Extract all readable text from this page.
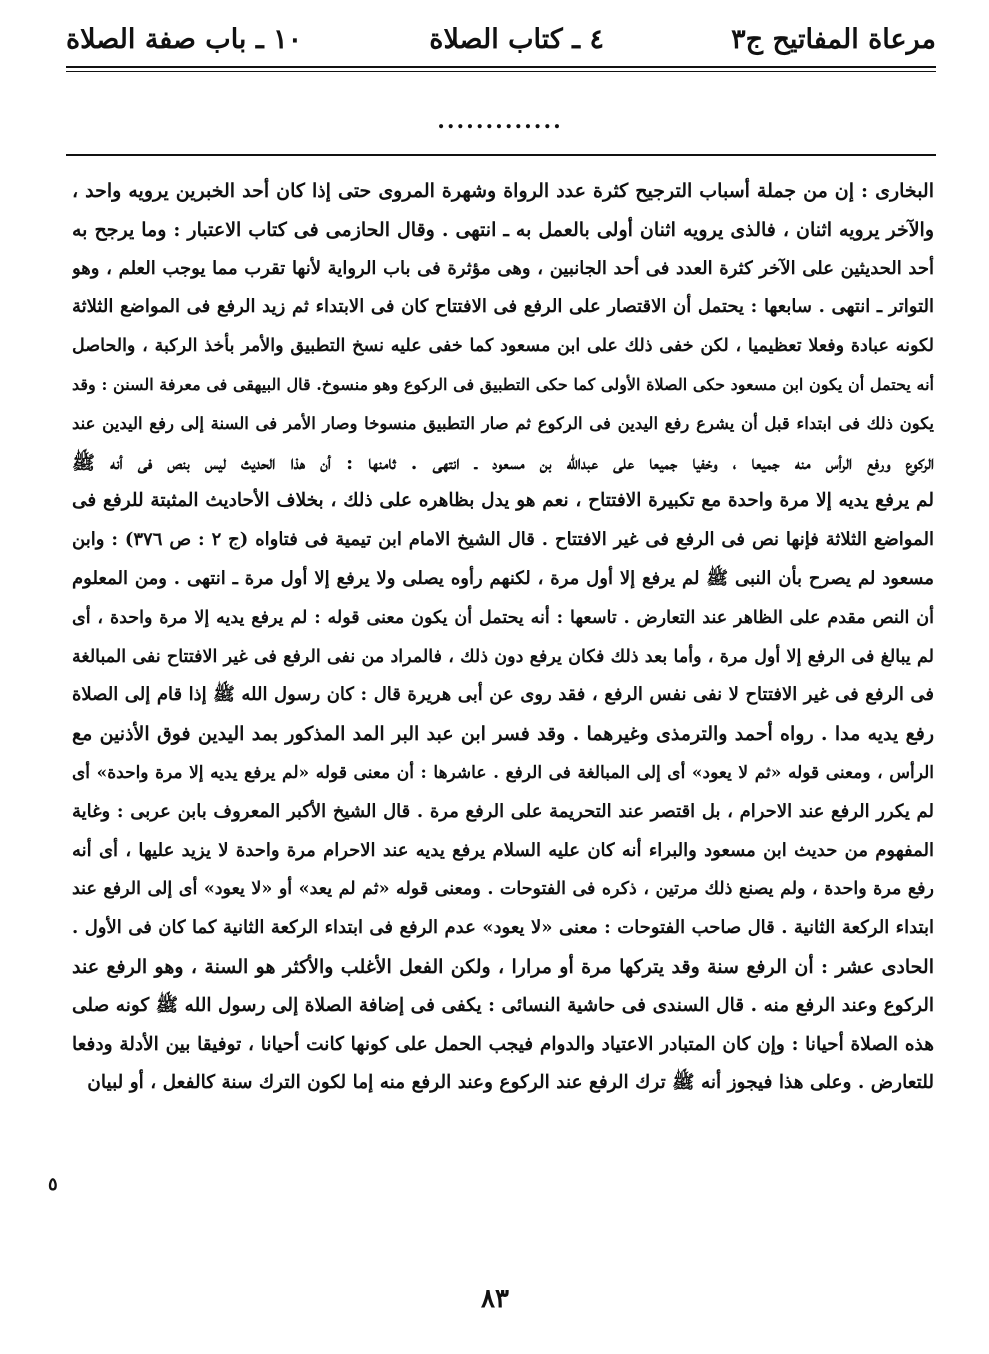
مرعاة المفاتيح ج٣
٤ ـ كتاب الصلاة
١٠ ـ باب صفة الصلاة
.............
البخارى : إن من جملة أسباب الترجيح كثرة عدد الرواة وشهرة المروى حتى إذا كان أحد الخبرين يرويه واحد ،
والآخر يرويه اثنان ، فالذى يرويه اثنان أولى بالعمل به ـ انتهى . وقال الحازمى فى كتاب الاعتبار : وما يرجح به
أحد الحديثين على الآخر كثرة العدد فى أحد الجانبين ، وهى مؤثرة فى باب الرواية لأنها تقرب مما يوجب العلم ، وهو
التواتر ـ انتهى . سابعها : يحتمل أن الاقتصار على الرفع فى الافتتاح كان فى الابتداء ثم زيد الرفع فى المواضع الثلاثة
لكونه عبادة وفعلا تعظيميا ، لكن خفى ذلك على ابن مسعود كما خفى عليه نسخ التطبيق والأمر بأخذ الركبة ، والحاصل
أنه يحتمل أن يكون ابن مسعود حكى الصلاة الأولى كما حكى التطبيق فى الركوع وهو منسوخ. قال البيهقى فى معرفة السنن : وقد
يكون ذلك فى ابتداء قبل أن يشرع رفع اليدين فى الركوع ثم صار التطبيق منسوخا وصار الأمر فى السنة إلى رفع اليدين عند
الركوع ورفع الرأس منه جميعا ، وخفيا جميعا على عبدالله بن مسعود ـ انتهى . ثامنها : أن هذا الحديث ليس بنص فى أنه ﷺ
لم يرفع يديه إلا مرة واحدة مع تكبيرة الافتتاح ، نعم هو يدل بظاهره على ذلك ، بخلاف الأحاديث المثبتة للرفع فى
المواضع الثلاثة فإنها نص فى الرفع فى غير الافتتاح . قال الشيخ الامام ابن تيمية فى فتاواه (ج ٢ : ص ٣٧٦) : وابن
مسعود لم يصرح بأن النبى ﷺ لم يرفع إلا أول مرة ، لكنهم رأوه يصلى ولا يرفع إلا أول مرة ـ انتهى . ومن المعلوم
أن النص مقدم على الظاهر عند التعارض . تاسعها : أنه يحتمل أن يكون معنى قوله : لم يرفع يديه إلا مرة واحدة ، أى
لم يبالغ فى الرفع إلا أول مرة ، وأما بعد ذلك فكان يرفع دون ذلك ، فالمراد من نفى الرفع فى غير الافتتاح نفى المبالغة
فى الرفع فى غير الافتتاح لا نفى نفس الرفع ، فقد روى عن أبى هريرة قال : كان رسول الله ﷺ إذا قام إلى الصلاة
رفع يديه مدا . رواه أحمد والترمذى وغيرهما . وقد فسر ابن عبد البر المد المذكور بمد اليدين فوق الأذنين مع
الرأس ، ومعنى قوله «ثم لا يعود» أى إلى المبالغة فى الرفع . عاشرها : أن معنى قوله «لم يرفع يديه إلا مرة واحدة» أى
لم يكرر الرفع عند الاحرام ، بل اقتصر عند التحريمة على الرفع مرة . قال الشيخ الأكبر المعروف بابن عربى : وغاية
المفهوم من حديث ابن مسعود والبراء أنه كان عليه السلام يرفع يديه عند الاحرام مرة واحدة لا يزيد عليها ، أى أنه
رفع مرة واحدة ، ولم يصنع ذلك مرتين ، ذكره فى الفتوحات . ومعنى قوله «ثم لم يعد» أو «لا يعود» أى إلى الرفع عند
ابتداء الركعة الثانية . قال صاحب الفتوحات : معنى «لا يعود» عدم الرفع فى ابتداء الركعة الثانية كما كان فى الأول .
الحادى عشر : أن الرفع سنة وقد يتركها مرة أو مرارا ، ولكن الفعل الأغلب والأكثر هو السنة ، وهو الرفع عند
الركوع وعند الرفع منه . قال السندى فى حاشية النسائى : يكفى فى إضافة الصلاة إلى رسول الله ﷺ كونه صلى
هذه الصلاة أحيانا : وإن كان المتبادر الاعتياد والدوام فيجب الحمل على كونها كانت أحيانا ، توفيقا بين الأدلة ودفعا
للتعارض . وعلى هذا فيجوز أنه ﷺ ترك الرفع عند الركوع وعند الرفع منه إما لكون الترك سنة كالفعل ، أو لبيان
٥
٨٣
